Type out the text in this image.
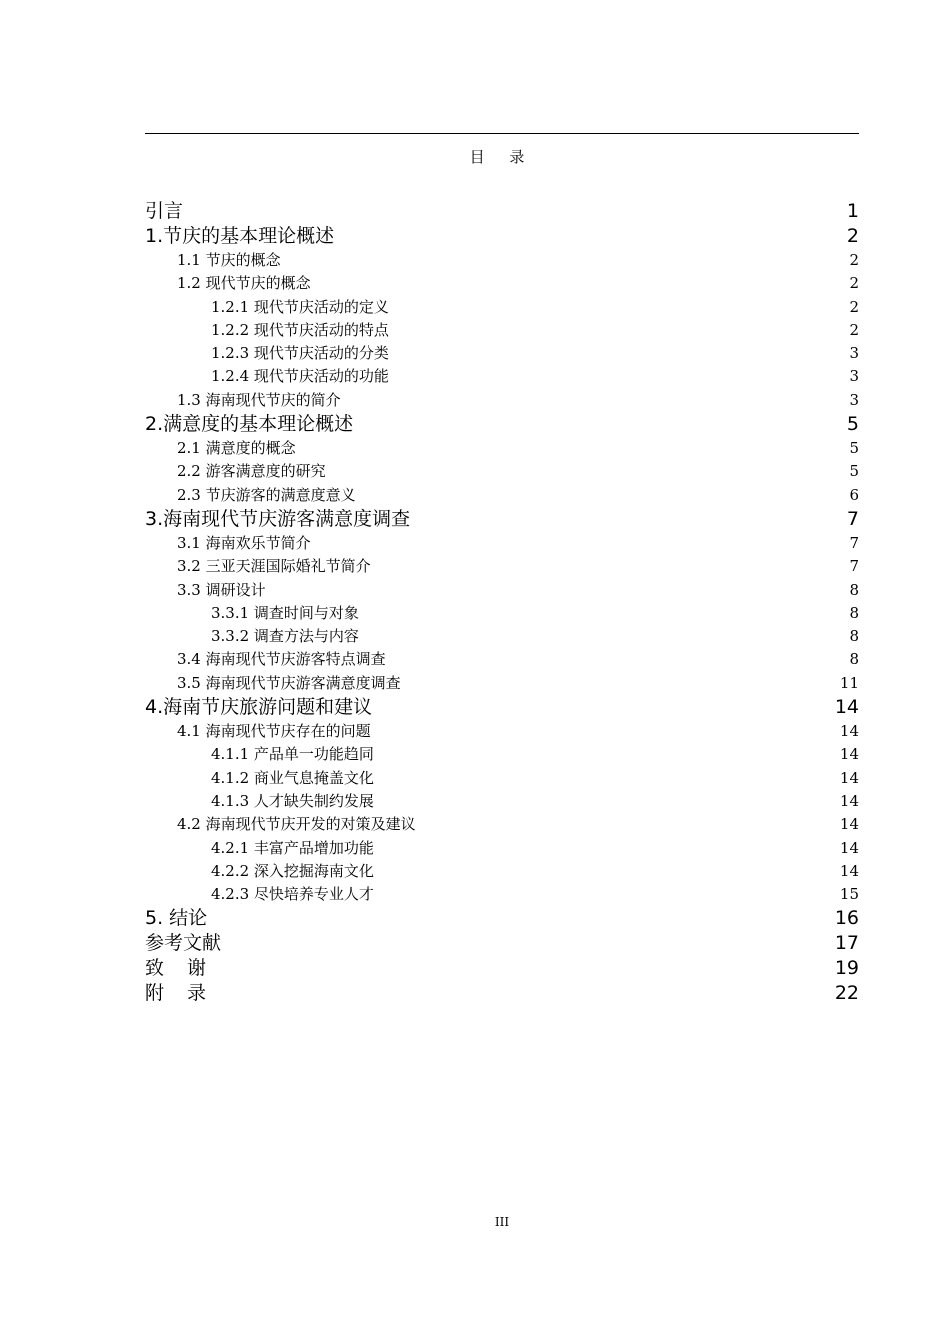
目 录
引言	1
1.节庆的基本理论概述	2
1.1 节庆的概念	2
1.2 现代节庆的概念	2
1.2.1 现代节庆活动的定义	2
1.2.2 现代节庆活动的特点	2
1.2.3 现代节庆活动的分类	3
1.2.4 现代节庆活动的功能	3
1.3 海南现代节庆的简介	3
2.满意度的基本理论概述	5
2.1 满意度的概念	5
2.2 游客满意度的研究	5
2.3 节庆游客的满意度意义	6
3.海南现代节庆游客满意度调查	7
3.1 海南欢乐节简介	7
3.2 三亚天涯国际婚礼节简介	7
3.3 调研设计	8
3.3.1 调查时间与对象	8
3.3.2 调查方法与内容	8
3.4 海南现代节庆游客特点调查	8
3.5 海南现代节庆游客满意度调查	11
4.海南节庆旅游问题和建议	14
4.1 海南现代节庆存在的问题	14
4.1.1 产品单一功能趋同	14
4.1.2 商业气息掩盖文化	14
4.1.3 人才缺失制约发展	14
4.2 海南现代节庆开发的对策及建议	14
4.2.1 丰富产品增加功能	14
4.2.2 深入挖掘海南文化	14
4.2.3 尽快培养专业人才	15
5. 结论	16
参考文献	17
致谢	19
附录	22
III
